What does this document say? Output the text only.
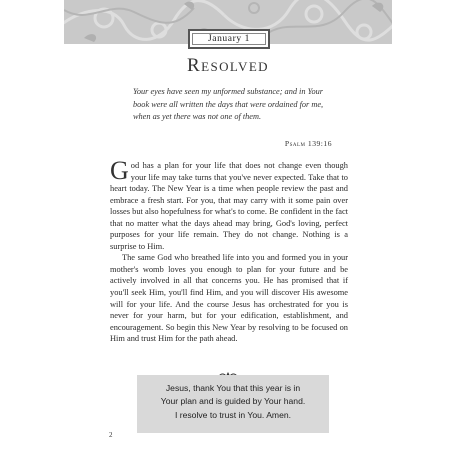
January 1
Resolved
Your eyes have seen my unformed substance; and in Your book were all written the days that were ordained for me, when as yet there was not one of them.
Psalm 139:16

God has a plan for your life that does not change even though your life may take turns that you've never expected. Take that to heart today. The New Year is a time when people review the past and embrace a fresh start. For you, that may carry with it some pain over losses but also hopefulness for what's to come. Be confident in the fact that no matter what the days ahead may bring, God's loving, perfect purposes for your life remain. They do not change. Nothing is a surprise to Him.

The same God who breathed life into you and formed you in your mother's womb loves you enough to plan for your future and be actively involved in all that concerns you. He has promised that if you'll seek Him, you'll find Him, and you will discover His awesome will for your life. And the course Jesus has orchestrated for you is never for your harm, but for your edification, establishment, and encouragement. So begin this New Year by resolving to be focused on Him and trust Him for the path ahead.

Jesus, thank You that this year is in
Your plan and is guided by Your hand.
I resolve to trust in You. Amen.
2
